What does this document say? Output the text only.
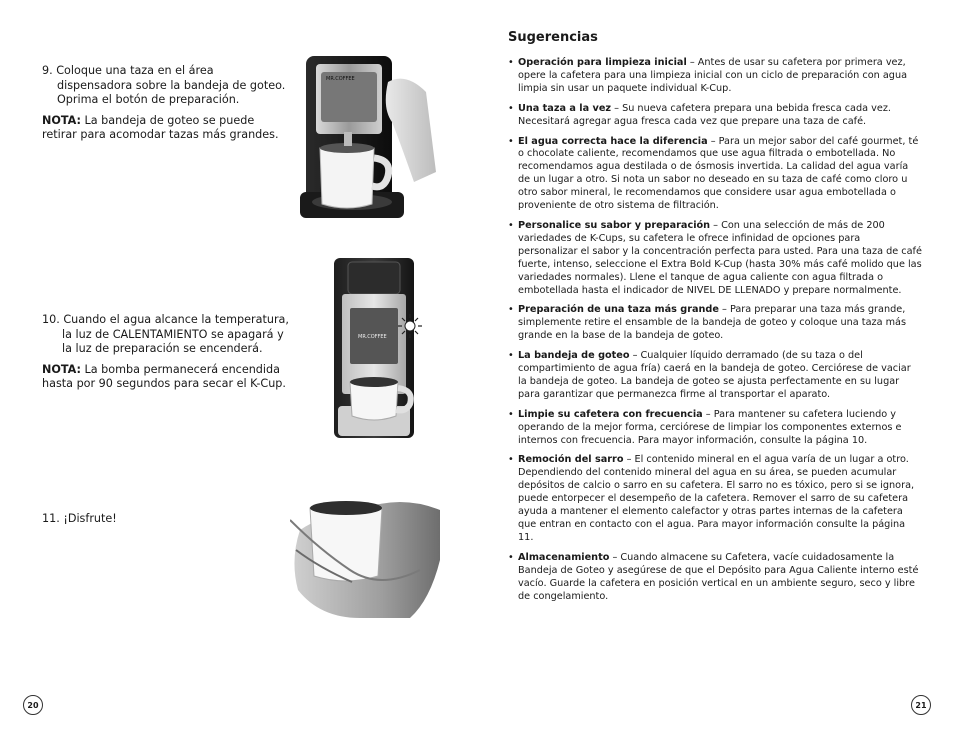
9. Coloque una taza en el área dispensadora sobre la bandeja de goteo. Oprima el botón de preparación.

NOTA: La bandeja de goteo se puede retirar para acomodar tazas más grandes.

MR.COFFEE

10. Cuando el agua alcance la temperatura, la luz de CALENTAMIENTO se apagará y la luz de preparación se encenderá.

NOTA: La bomba permanecerá encendida hasta por 90 segundos para secar el K-Cup.

MR.COFFEE

11. ¡Disfrute!

Sugerencias
• Operación para limpieza inicial – Antes de usar su cafetera por primera vez, opere la cafetera para una limpieza inicial con un ciclo de preparación con agua limpia sin usar un paquete individual K-Cup.
• Una taza a la vez – Su nueva cafetera prepara una bebida fresca cada vez. Necesitará agregar agua fresca cada vez que prepare una taza de café.
• El agua correcta hace la diferencia – Para un mejor sabor del café gourmet, té o chocolate caliente, recomendamos que use agua filtrada o embotellada. No recomendamos agua destilada o de ósmosis invertida. La calidad del agua varía de un lugar a otro. Si nota un sabor no deseado en su taza de café como cloro u otro sabor mineral, le recomendamos que considere usar agua embotellada o proveniente de otro sistema de filtración.
• Personalice su sabor y preparación – Con una selección de más de 200 variedades de K-Cups, su cafetera le ofrece infinidad de opciones para personalizar el sabor y la concentración perfecta para usted. Para una taza de café fuerte, intenso, seleccione el Extra Bold K-Cup (hasta 30% más café molido que las variedades normales). Llene el tanque de agua caliente con agua filtrada o embotellada hasta el indicador de NIVEL DE LLENADO y prepare normalmente.
• Preparación de una taza más grande – Para preparar una taza más grande, simplemente retire el ensamble de la bandeja de goteo y coloque una taza más grande en la base de la bandeja de goteo.
• La bandeja de goteo – Cualquier líquido derramado (de su taza o del compartimiento de agua fría) caerá en la bandeja de goteo. Cerciórese de vaciar la bandeja de goteo. La bandeja de goteo se ajusta perfectamente en su lugar para garantizar que permanezca firme al transportar el aparato.
• Limpie su cafetera con frecuencia – Para mantener su cafetera luciendo y operando de la mejor forma, cerciórese de limpiar los componentes externos e internos con frecuencia. Para mayor información, consulte la página 10.
• Remoción del sarro – El contenido mineral en el agua varía de un lugar a otro. Dependiendo del contenido mineral del agua en su área, se pueden acumular depósitos de calcio o sarro en su cafetera. El sarro no es tóxico, pero si se ignora, puede entorpecer el desempeño de la cafetera. Remover el sarro de su cafetera ayuda a mantener el elemento calefactor y otras partes internas de la cafetera que entran en contacto con el agua. Para mayor información consulte la página 11.
• Almacenamiento – Cuando almacene su Cafetera, vacíe cuidadosamente la Bandeja de Goteo y asegúrese de que el Depósito para Agua Caliente interno esté vacío. Guarde la cafetera en posición vertical en un ambiente seguro, seco y libre de congelamiento.
20	21
